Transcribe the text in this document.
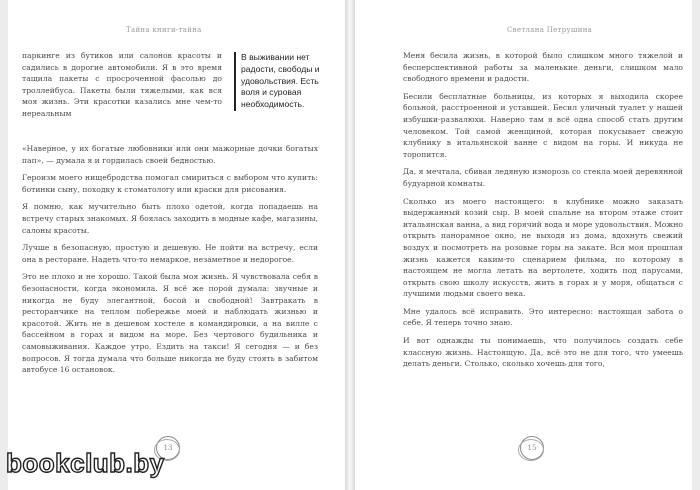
Тайна книги-тайна

паркинге из бутиков или салонов красоты и садились в дорогие автомобили. Я в это время тащила пакеты с просроченной фасолью до троллейбуса. Пакеты были тяжелыми, как вся моя жизнь. Эти красотки казались мне чем-то нереальным

В выживании нет радости, свободы и удовольствия. Есть воля и суровая необходимость.

«Наверное, у их богатые любовники или они мажорные дочки богатых пап», — думала я и гордилась своей бедностью.

Героизм моего нищебродства помогал смириться с выбором что купить: ботинки сыну, походку к стоматологу или краски для рисования.

Я помню, как мучительно быть плохо одетой, когда попадаешь на встречу старых знакомых. Я боялась заходить в модные кафе, магазины, салоны красоты.

Лучше в безопасную, простую и дешевую. Не пойти на встречу, если она в ресторане. Надеть что-то немаркое, незаметное и недорогое.

Это не плохо и не хорошо. Такой была моя жизнь. Я чувствовала себя в безопасности, когда экономила. Я всё же порой думала: звучные и никогда не буду элегантной, босой и свободной! Завтракать в ресторанчике на теплом побережье моей и наблюдать жизнью и красотой. Жить не в дешевом хостеле в командировки, а на вилле с бассейном в горах и видом на море. Без чертового будильника и самовыживания. Каждое утро. Ездить на такси! Я сегодня — и без вопросов. Я тогда думала что больше никогда не буду стоять в забитом автобусе 16 остановок.

13
Светлана Петрушина

Меня бесила жизнь, в которой было слишком много тяжелой и бесперспективной работы за маленькие деньги, слишком мало свободного времени и радости.

Бесили бесплатные больницы, из которых я выходила скорее больной, расстроенной и уставшей. Бесил уличный туалет у нашей избушки-развалюхи. Наверно там я всё одна способ стать другим человеком. Той самой женщиной, которая покусывает свежую клубнику в итальянской ванне с видом на горы. И никуда не торопится.

Да, я мечтала, сбивая ледяную изморозь со стекла моей деревянной будуарной комнаты.

Сколько из моего настоящего: в клубнике можно заказать выдержанный козий сыр. В моей спальне на втором этаже стоит итальянская ванна, а вид горячий вода и море удовольствия. Можно открыть панорамное окно, не выходя из дома, вдохнуть свежий воздух и посмотреть на розовые горы на закате. Вся моя прошлая жизнь кажется каким-то сценарием фильма, по которому в настоящем не могла летать на вертолете, ходить под парусами, открыть свою школу искусств, жить в горах и у моря, общаться с лучшими людьми своего века.

Мне удалось всё исправить. Это интересно: настоящая забота о себе. Я теперь точно знаю.

И вот однажды ты понимаешь, что получилось создать себе классную жизнь. Настоящую. Да, всё это не для того, что умеешь делать деньги. Столько, сколько хочешь для того,

15
bookclub.by
